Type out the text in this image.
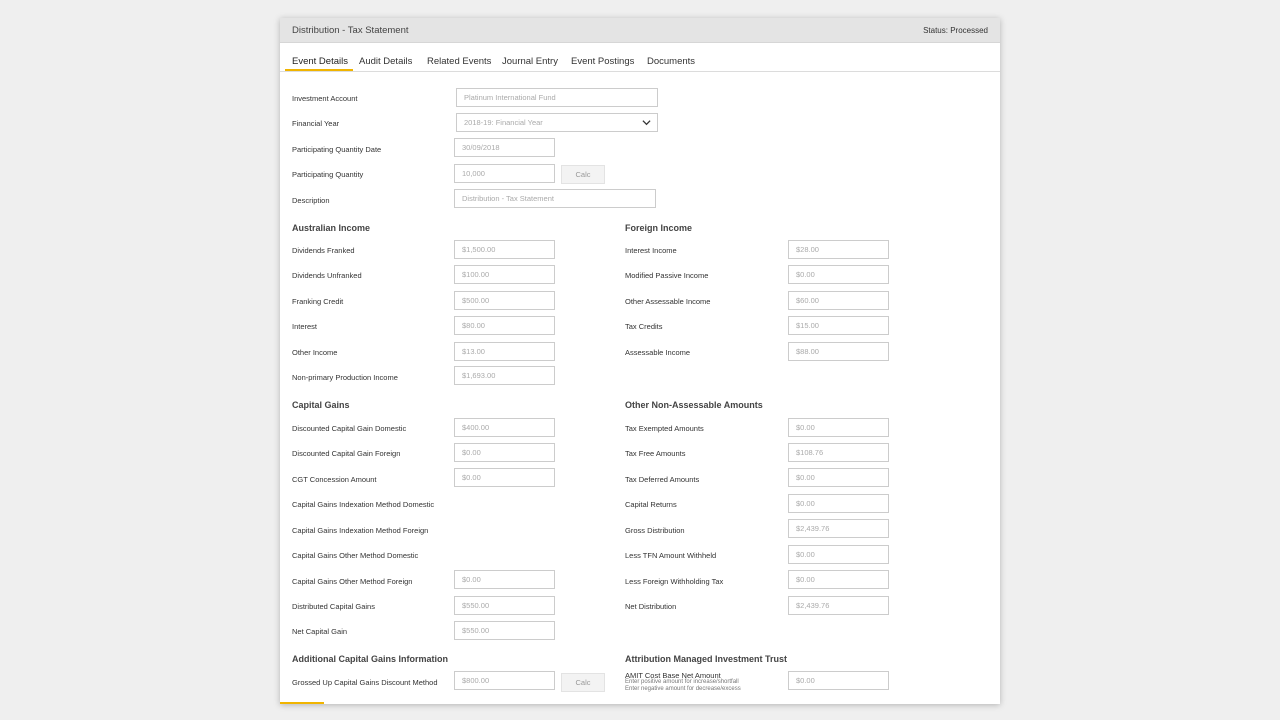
Distribution - Tax Statement	Status: Processed
Event Details Audit Details Related Events Journal Entry Event Postings Documents
Investment Account	Platinum International Fund
Financial Year	2018-19: Financial Year
Participating Quantity Date	30/09/2018
Participating Quantity	10,000	Calc
Description	Distribution - Tax Statement
Australian Income
Dividends Franked	$1,500.00
Dividends Unfranked	$100.00
Franking Credit	$500.00
Interest	$80.00
Other Income	$13.00
Non-primary Production Income	$1,693.00
Foreign Income
Interest Income	$28.00
Modified Passive Income	$0.00
Other Assessable Income	$60.00
Tax Credits	$15.00
Assessable Income	$88.00
Capital Gains
Discounted Capital Gain Domestic	$400.00
Discounted Capital Gain Foreign	$0.00
CGT Concession Amount	$0.00
Capital Gains Indexation Method Domestic
Capital Gains Indexation Method Foreign
Capital Gains Other Method Domestic
Capital Gains Other Method Foreign	$0.00
Distributed Capital Gains	$550.00
Net Capital Gain	$550.00
Other Non-Assessable Amounts
Tax Exempted Amounts	$0.00
Tax Free Amounts	$108.76
Tax Deferred Amounts	$0.00
Capital Returns	$0.00
Gross Distribution	$2,439.76
Less TFN Amount Withheld	$0.00
Less Foreign Withholding Tax	$0.00
Net Distribution	$2,439.76
Additional Capital Gains Information
Grossed Up Capital Gains Discount Method	$800.00	Calc
Attribution Managed Investment Trust
AMIT Cost Base Net Amount
Enter positive amount for increase/shortfall
Enter negative amount for decrease/excess
$0.00
